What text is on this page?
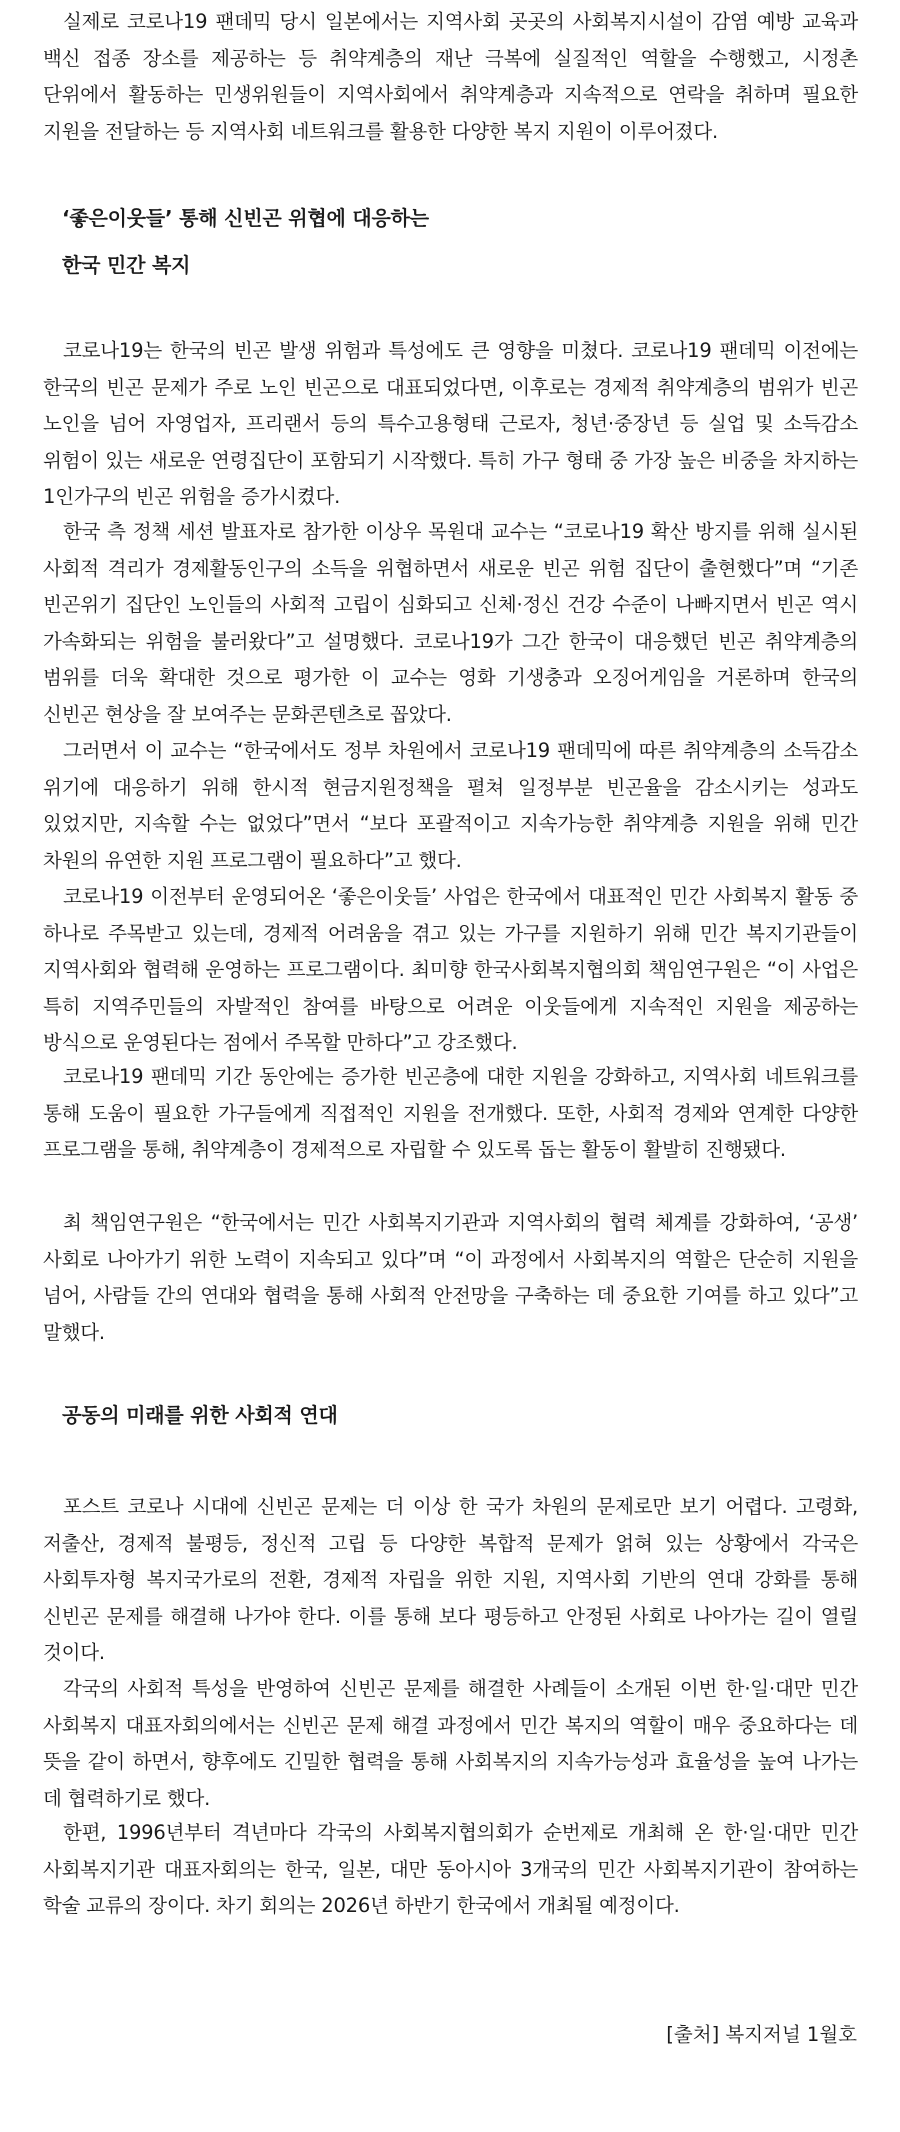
실제로 코로나19 팬데믹 당시 일본에서는 지역사회 곳곳의 사회복지시설이 감염 예방 교육과 백신 접종 장소를 제공하는 등 취약계층의 재난 극복에 실질적인 역할을 수행했고, 시정촌 단위에서 활동하는 민생위원들이 지역사회에서 취약계층과 지속적으로 연락을 취하며 필요한 지원을 전달하는 등 지역사회 네트워크를 활용한 다양한 복지 지원이 이루어졌다.

‘좋은이웃들’ 통해 신빈곤 위협에 대응하는
한국 민간 복지

코로나19는 한국의 빈곤 발생 위험과 특성에도 큰 영향을 미쳤다. 코로나19 팬데믹 이전에는 한국의 빈곤 문제가 주로 노인 빈곤으로 대표되었다면, 이후로는 경제적 취약계층의 범위가 빈곤 노인을 넘어 자영업자, 프리랜서 등의 특수고용형태 근로자, 청년·중장년 등 실업 및 소득감소 위험이 있는 새로운 연령집단이 포함되기 시작했다. 특히 가구 형태 중 가장 높은 비중을 차지하는 1인가구의 빈곤 위험을 증가시켰다.

한국 측 정책 세션 발표자로 참가한 이상우 목원대 교수는 “코로나19 확산 방지를 위해 실시된 사회적 격리가 경제활동인구의 소득을 위협하면서 새로운 빈곤 위험 집단이 출현했다”며 “기존 빈곤위기 집단인 노인들의 사회적 고립이 심화되고 신체·정신 건강 수준이 나빠지면서 빈곤 역시 가속화되는 위험을 불러왔다”고 설명했다. 코로나19가 그간 한국이 대응했던 빈곤 취약계층의 범위를 더욱 확대한 것으로 평가한 이 교수는 영화 기생충과 오징어게임을 거론하며 한국의 신빈곤 현상을 잘 보여주는 문화콘텐츠로 꼽았다.

그러면서 이 교수는 “한국에서도 정부 차원에서 코로나19 팬데믹에 따른 취약계층의 소득감소 위기에 대응하기 위해 한시적 현금지원정책을 펼쳐 일정부분 빈곤율을 감소시키는 성과도 있었지만, 지속할 수는 없었다”면서 “보다 포괄적이고 지속가능한 취약계층 지원을 위해 민간 차원의 유연한 지원 프로그램이 필요하다”고 했다.

코로나19 이전부터 운영되어온 ‘좋은이웃들’ 사업은 한국에서 대표적인 민간 사회복지 활동 중 하나로 주목받고 있는데, 경제적 어려움을 겪고 있는 가구를 지원하기 위해 민간 복지기관들이 지역사회와 협력해 운영하는 프로그램이다. 최미향 한국사회복지협의회 책임연구원은 “이 사업은 특히 지역주민들의 자발적인 참여를 바탕으로 어려운 이웃들에게 지속적인 지원을 제공하는 방식으로 운영된다는 점에서 주목할 만하다”고 강조했다.

코로나19 팬데믹 기간 동안에는 증가한 빈곤층에 대한 지원을 강화하고, 지역사회 네트워크를 통해 도움이 필요한 가구들에게 직접적인 지원을 전개했다. 또한, 사회적 경제와 연계한 다양한 프로그램을 통해, 취약계층이 경제적으로 자립할 수 있도록 돕는 활동이 활발히 진행됐다.

최 책임연구원은 “한국에서는 민간 사회복지기관과 지역사회의 협력 체계를 강화하여, ‘공생’ 사회로 나아가기 위한 노력이 지속되고 있다”며 “이 과정에서 사회복지의 역할은 단순히 지원을 넘어, 사람들 간의 연대와 협력을 통해 사회적 안전망을 구축하는 데 중요한 기여를 하고 있다”고 말했다.

공동의 미래를 위한 사회적 연대

포스트 코로나 시대에 신빈곤 문제는 더 이상 한 국가 차원의 문제로만 보기 어렵다. 고령화, 저출산, 경제적 불평등, 정신적 고립 등 다양한 복합적 문제가 얽혀 있는 상황에서 각국은 사회투자형 복지국가로의 전환, 경제적 자립을 위한 지원, 지역사회 기반의 연대 강화를 통해 신빈곤 문제를 해결해 나가야 한다. 이를 통해 보다 평등하고 안정된 사회로 나아가는 길이 열릴 것이다.

각국의 사회적 특성을 반영하여 신빈곤 문제를 해결한 사례들이 소개된 이번 한·일·대만 민간 사회복지 대표자회의에서는 신빈곤 문제 해결 과정에서 민간 복지의 역할이 매우 중요하다는 데 뜻을 같이 하면서, 향후에도 긴밀한 협력을 통해 사회복지의 지속가능성과 효율성을 높여 나가는 데 협력하기로 했다.

한편, 1996년부터 격년마다 각국의 사회복지협의회가 순번제로 개최해 온 한·일·대만 민간 사회복지기관 대표자회의는 한국, 일본, 대만 동아시아 3개국의 민간 사회복지기관이 참여하는 학술 교류의 장이다. 차기 회의는 2026년 하반기 한국에서 개최될 예정이다.

[출처] 복지저널 1월호
